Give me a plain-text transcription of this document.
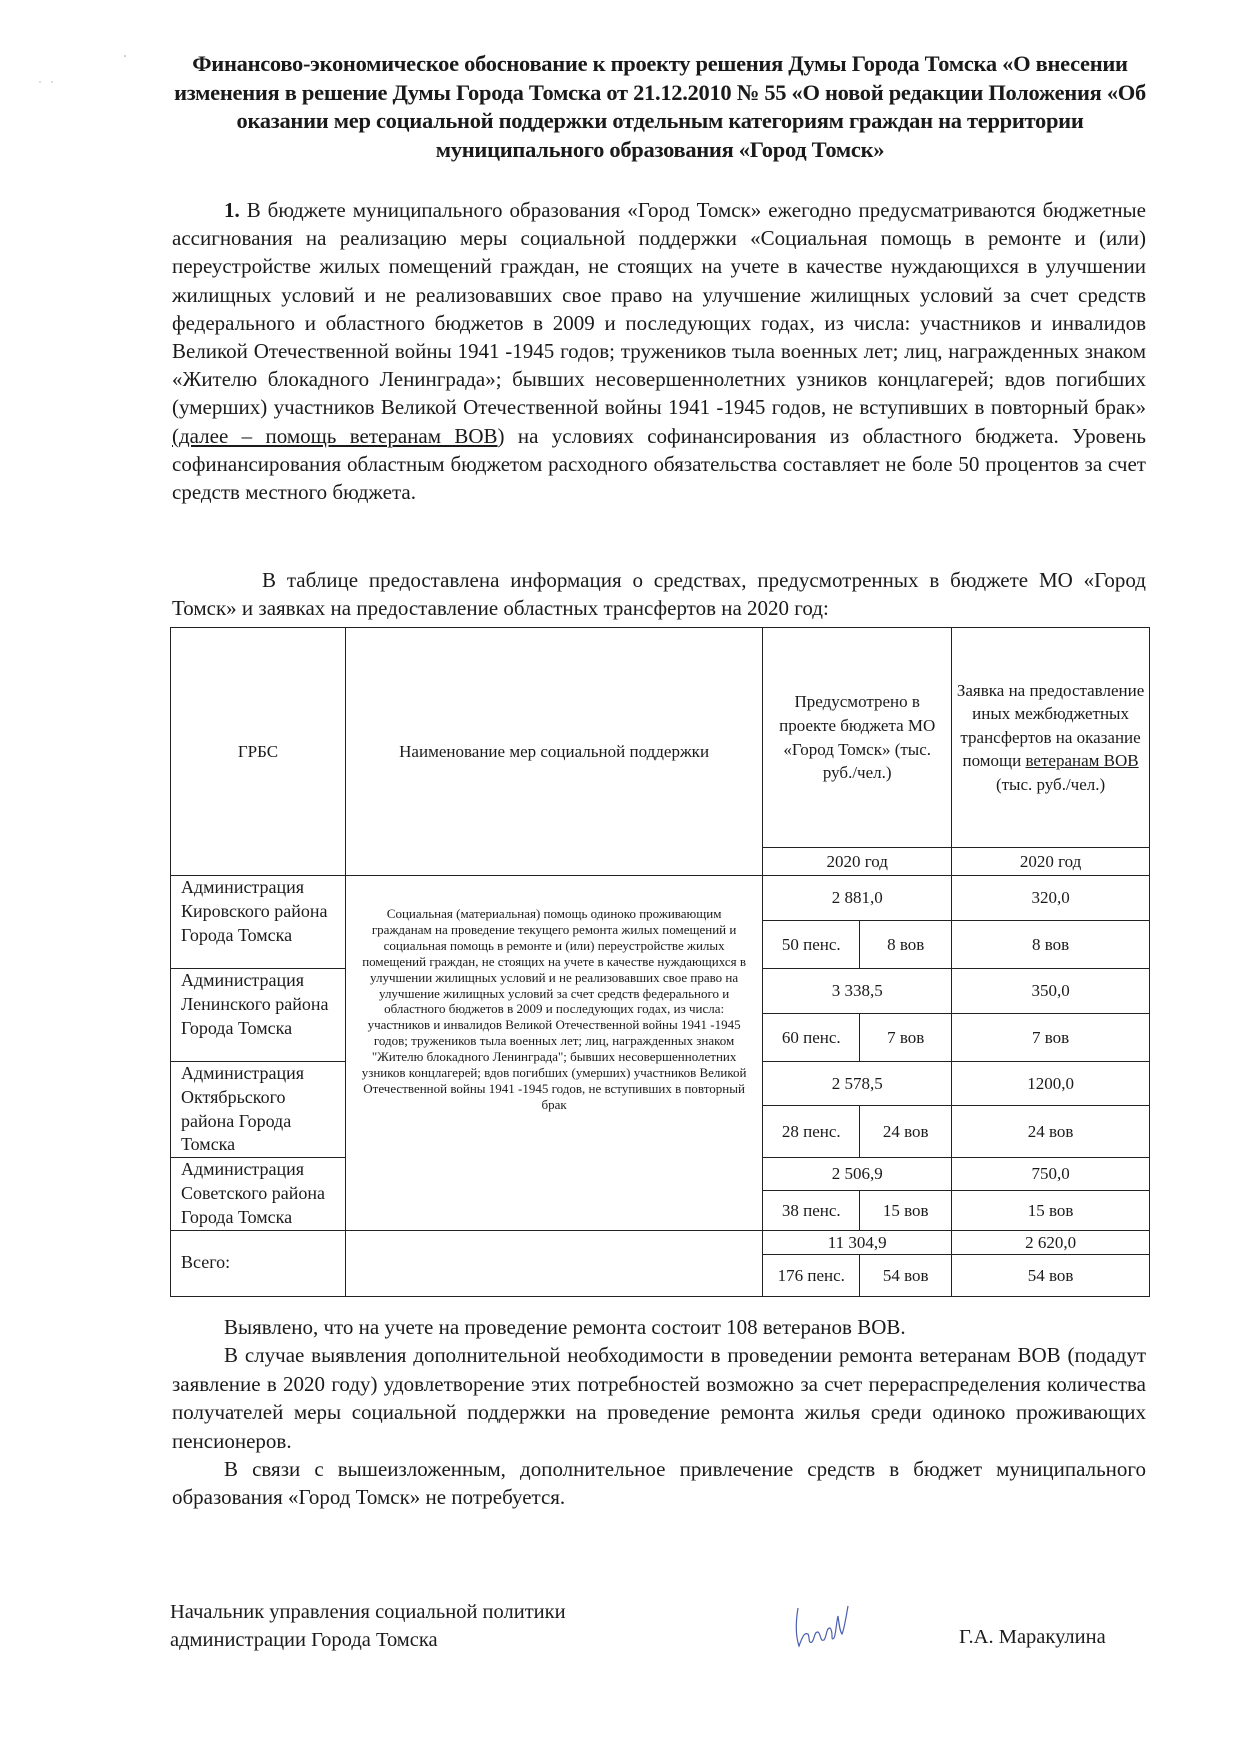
Финансово-экономическое обоснование к проекту решения Думы Города Томска «О внесении изменения в решение Думы Города Томска от 21.12.2010 № 55 «О новой редакции Положения «Об оказании мер социальной поддержки отдельным категориям граждан на территории муниципального образования «Город Томск»
1. В бюджете муниципального образования «Город Томск» ежегодно предусматриваются бюджетные ассигнования на реализацию меры социальной поддержки «Социальная помощь в ремонте и (или) переустройстве жилых помещений граждан, не стоящих на учете в качестве нуждающихся в улучшении жилищных условий и не реализовавших свое право на улучшение жилищных условий за счет средств федерального и областного бюджетов в 2009 и последующих годах, из числа: участников и инвалидов Великой Отечественной войны 1941 -1945 годов; тружеников тыла военных лет; лиц, награжденных знаком «Жителю блокадного Ленинграда»; бывших несовершеннолетних узников концлагерей; вдов погибших (умерших) участников Великой Отечественной войны 1941 -1945 годов, не вступивших в повторный брак» (далее – помощь ветеранам ВОВ) на условиях софинансирования из областного бюджета. Уровень софинансирования областным бюджетом расходного обязательства составляет не боле 50 процентов за счет средств местного бюджета.
В таблице предоставлена информация о средствах, предусмотренных в бюджете МО «Город Томск» и заявках на предоставление областных трансфертов на 2020 год:
ГРБС	Наименование мер социальной поддержки	Предусмотрено в проекте бюджета МО «Город Томск» (тыс. руб./чел.)		Заявка на предоставление иных межбюджетных трансфертов на оказание помощи ветеранам ВОВ (тыс. руб./чел.)
		2020 год		2020 год
Администрация Кировского района Города Томска	Социальная (материальная) помощь одиноко проживающим гражданам на проведение текущего ремонта жилых помещений и социальная помощь в ремонте и (или) переустройстве жилых помещений граждан, не стоящих на учете в качестве нуждающихся в улучшении жилищных условий и не реализовавших свое право на улучшение жилищных условий за счет средств федерального и областного бюджетов в 2009 и последующих годах, из числа: участников и инвалидов Великой Отечественной войны 1941 -1945 годов; тружеников тыла военных лет; лиц, награжденных знаком "Жителю блокадного Ленинграда"; бывших несовершеннолетних узников концлагерей; вдов погибших (умерших) участников Великой Отечественной войны 1941 -1945 годов, не вступивших в повторный брак	2 881,0		320,0
		50 пенс.	8 вов	8 вов
Администрация Ленинского района Города Томска		3 338,5		350,0
		60 пенс.	7 вов	7 вов
Администрация Октябрьского района Города Томска		2 578,5		1200,0
		28 пенс.	24 вов	24 вов
Администрация Советского района Города Томска		2 506,9		750,0
		38 пенс.	15 вов	15 вов
Всего:		11 304,9		2 620,0
		176 пенс.	54 вов	54 вов
Выявлено, что на учете на проведение ремонта состоит 108 ветеранов ВОВ.
В случае выявления дополнительной необходимости в проведении ремонта ветеранам ВОВ (подадут заявление в 2020 году) удовлетворение этих потребностей возможно за счет перераспределения количества получателей меры социальной поддержки на проведение ремонта жилья среди одиноко проживающих пенсионеров.
В связи с вышеизложенным, дополнительное привлечение средств в бюджет муниципального образования «Город Томск» не потребуется.
Начальник управления социальной политики
администрации Города Томска	Г.А. Маракулина
